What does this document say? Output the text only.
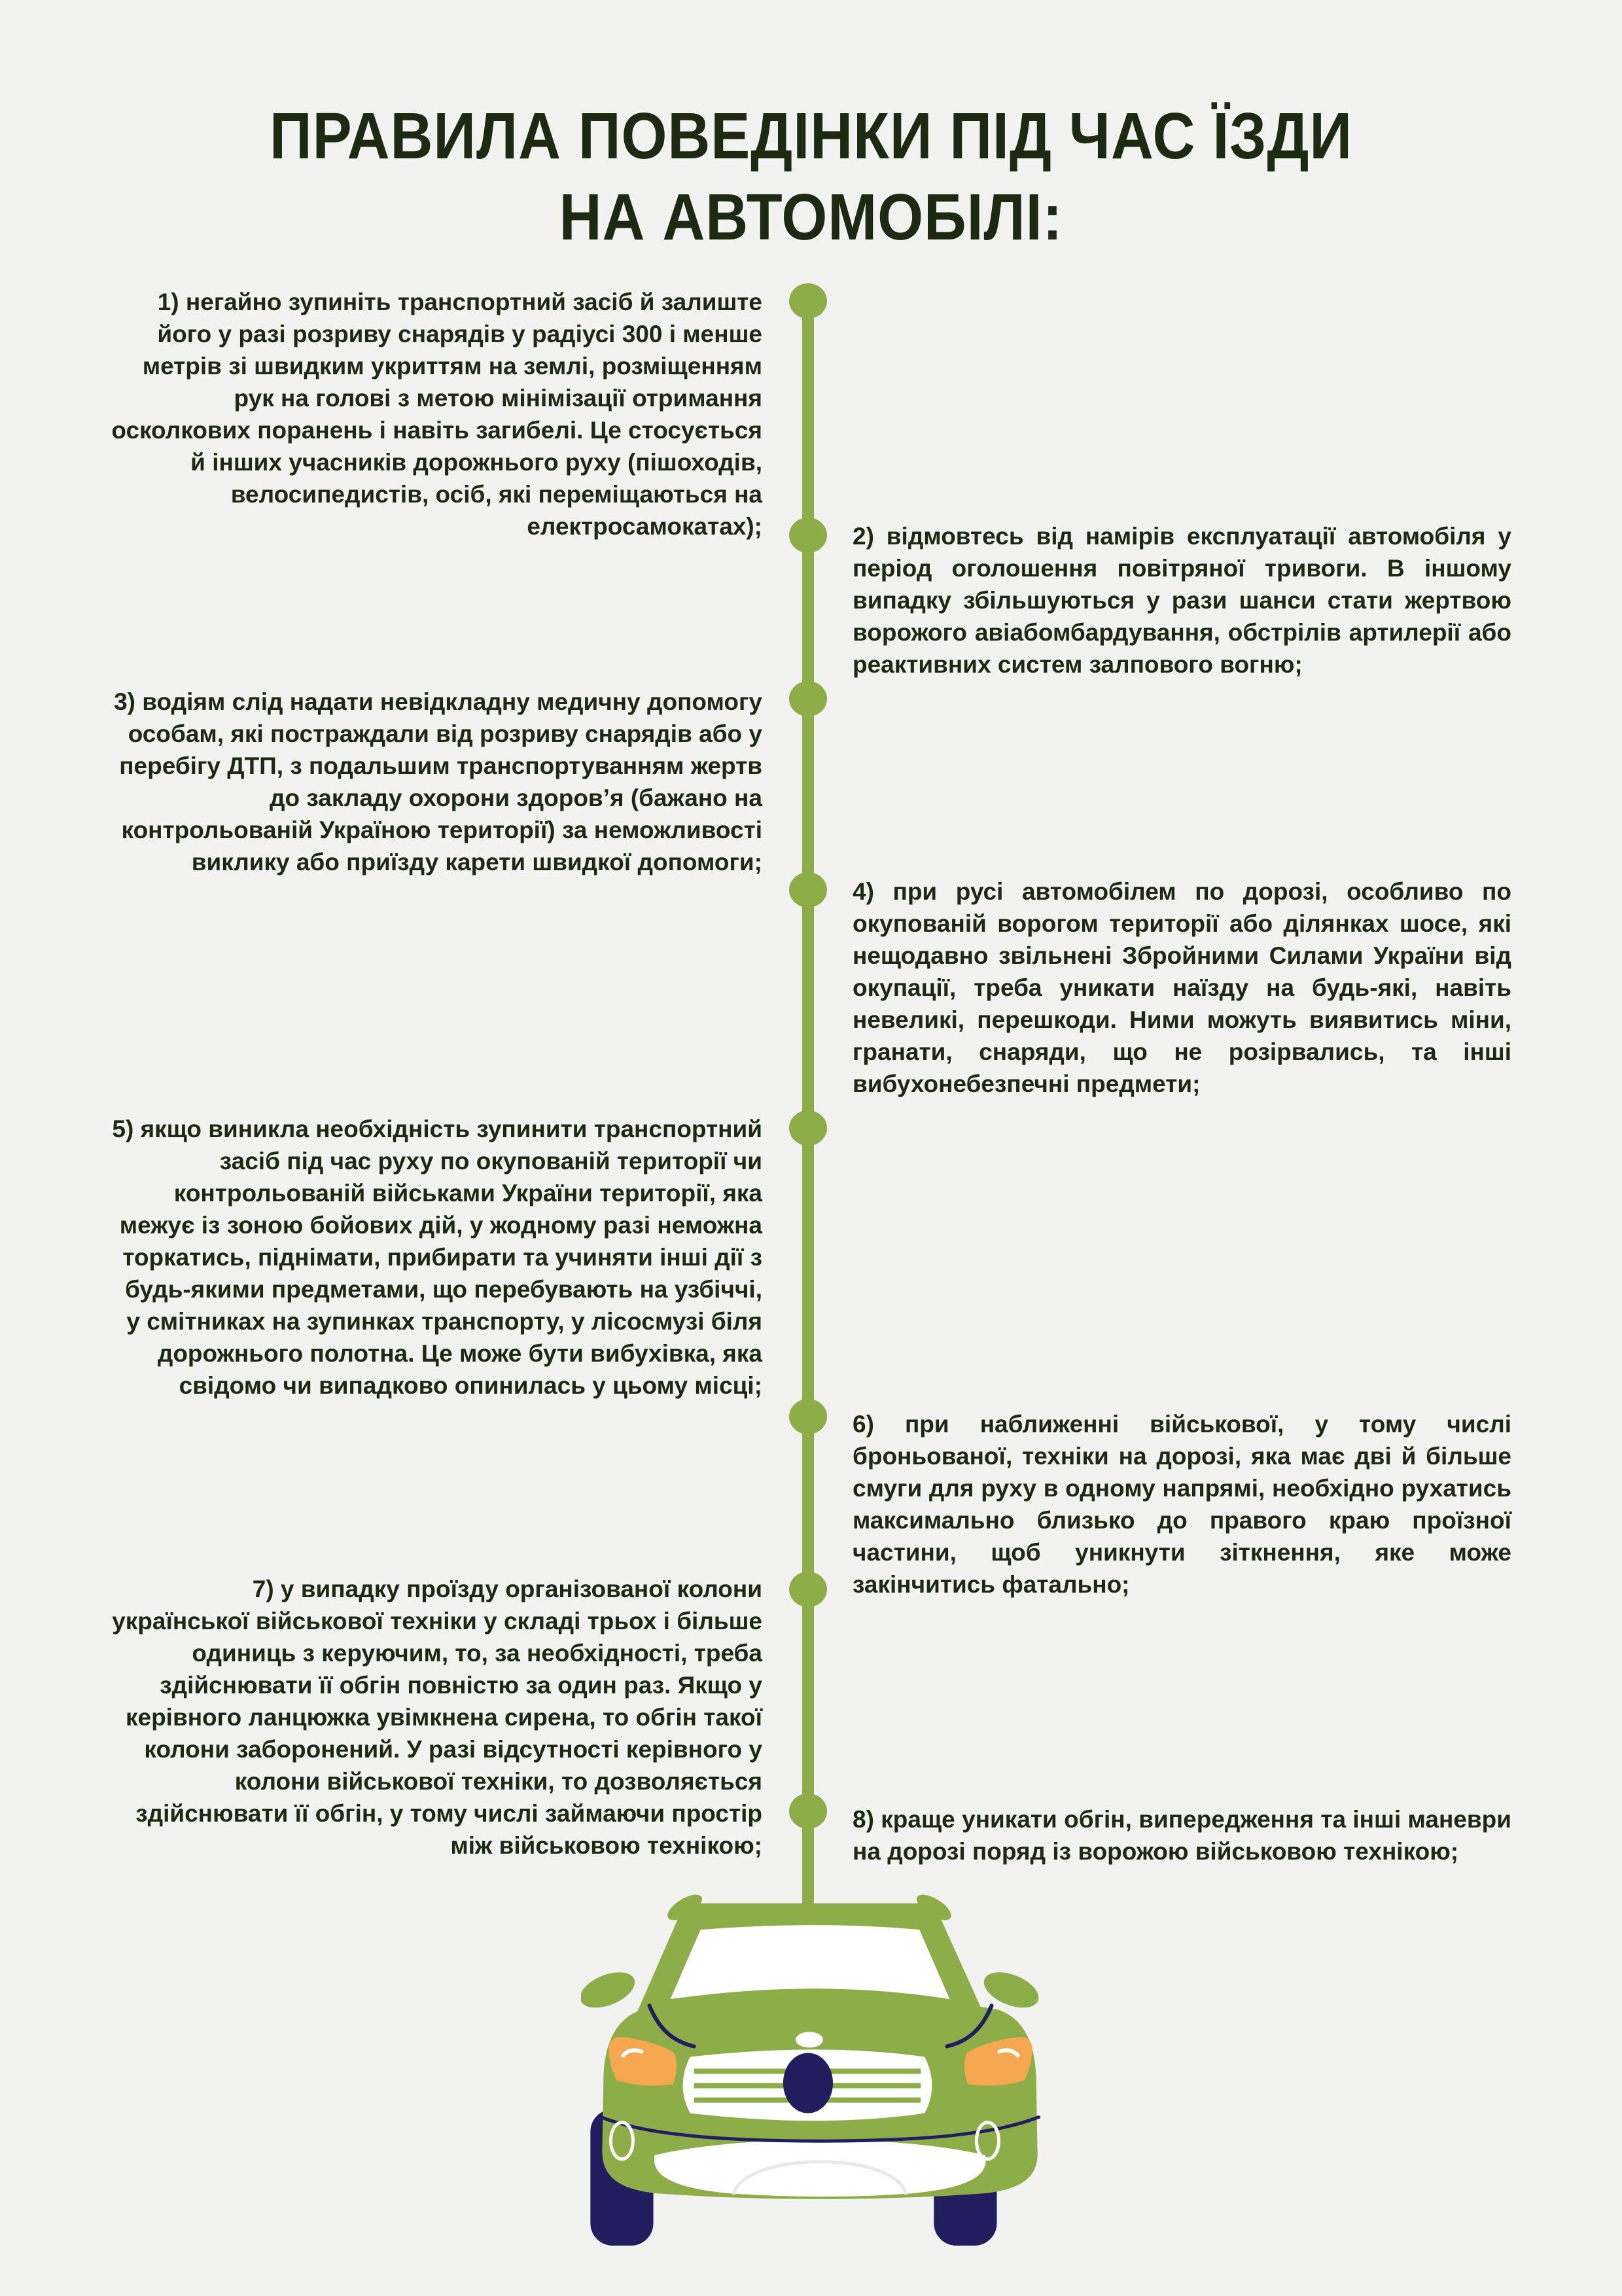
ПРАВИЛА ПОВЕДІНКИ ПІД ЧАС ЇЗДИ
НА АВТОМОБІЛІ:
1) негайно зупиніть транспортний засіб й залиште його у разі розриву снарядів у радіусі 300 і менше метрів зі швидким укриттям на землі, розміщенням рук на голові з метою мінімізації отримання осколкових поранень і навіть загибелі. Це стосується й інших учасників дорожнього руху (пішоходів, велосипедистів, осіб, які переміщаються на електросамокатах);	2) відмовтесь від намірів експлуатації автомобіля у період оголошення повітряної тривоги. В іншому випадку збільшуються у рази шанси стати жертвою ворожого авіабомбардування, обстрілів артилерії або реактивних систем залпового вогню;
3) водіям слід надати невідкладну медичну допомогу особам, які постраждали від розриву снарядів або у перебігу ДТП, з подальшим транспортуванням жертв до закладу охорони здоров’я (бажано на контрольованій Україною території) за неможливості виклику або приїзду карети швидкої допомоги;
4) при русі автомобілем по дорозі, особливо по окупованій ворогом території або ділянках шосе, які нещодавно звільнені Збройними Силами України від окупації, треба уникати наїзду на будь-які, навіть невеликі, перешкоди. Ними можуть виявитись міни, гранати, снаряди, що не розірвались, та інші вибухонебезпечні предмети;
5) якщо виникла необхідність зупинити транспортний засіб під час руху по окупованій території чи контрольованій військами України території, яка межує із зоною бойових дій, у жодному разі неможна торкатись, піднімати, прибирати та учиняти інші дії з будь-якими предметами, що перебувають на узбіччі, у смітниках на зупинках транспорту, у лісосмузі біля дорожнього полотна. Це може бути вибухівка, яка свідомо чи випадково опинилась у цьому місці;
6) при наближенні військової, у тому числі броньованої, техніки на дорозі, яка має дві й більше смуги для руху в одному напрямі, необхідно рухатись максимально близько до правого краю проїзної частини, щоб уникнути зіткнення, яке може закінчитись фатально;
7) у випадку проїзду організованої колони української військової техніки у складі трьох і більше одиниць з керуючим, то, за необхідності, треба здійснювати її обгін повністю за один раз. Якщо у керівного ланцюжка увімкнена сирена, то обгін такої колони заборонений. У разі відсутності керівного у колони військової техніки, то дозволяється здійснювати її обгін, у тому числі займаючи простір між військовою технікою;
8) краще уникати обгін, випередження та інші маневри на дорозі поряд із ворожою військовою технікою;
